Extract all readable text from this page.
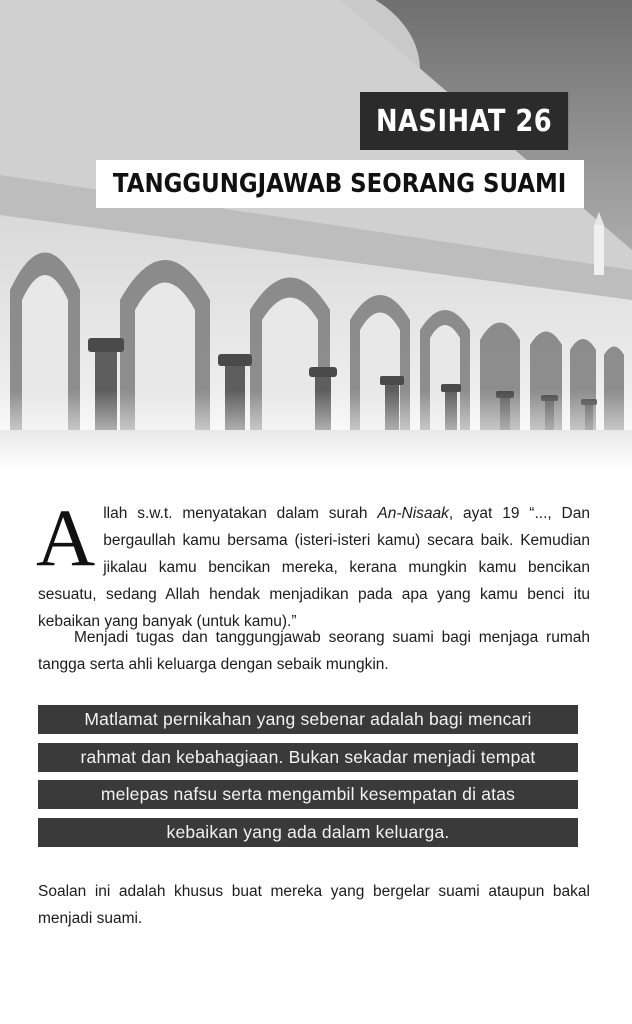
NASIHAT 26
TANGGUNGJAWAB SEORANG SUAMI
Allah s.w.t. menyatakan dalam surah An-Nisaak, ayat 19 “..., Dan bergaullah kamu bersama (isteri-isteri kamu) secara baik. Kemudian jikalau kamu bencikan mereka, kerana mungkin kamu bencikan sesuatu, sedang Allah hendak menjadikan pada apa yang kamu benci itu kebaikan yang banyak (untuk kamu).”
Menjadi tugas dan tanggungjawab seorang suami bagi menjaga rumah tangga serta ahli keluarga dengan sebaik mungkin.
Matlamat pernikahan yang sebenar adalah bagi mencari
rahmat dan kebahagiaan. Bukan sekadar menjadi tempat
melepas nafsu serta mengambil kesempatan di atas
kebaikan yang ada dalam keluarga.
Soalan ini adalah khusus buat mereka yang bergelar suami ataupun bakal menjadi suami.
